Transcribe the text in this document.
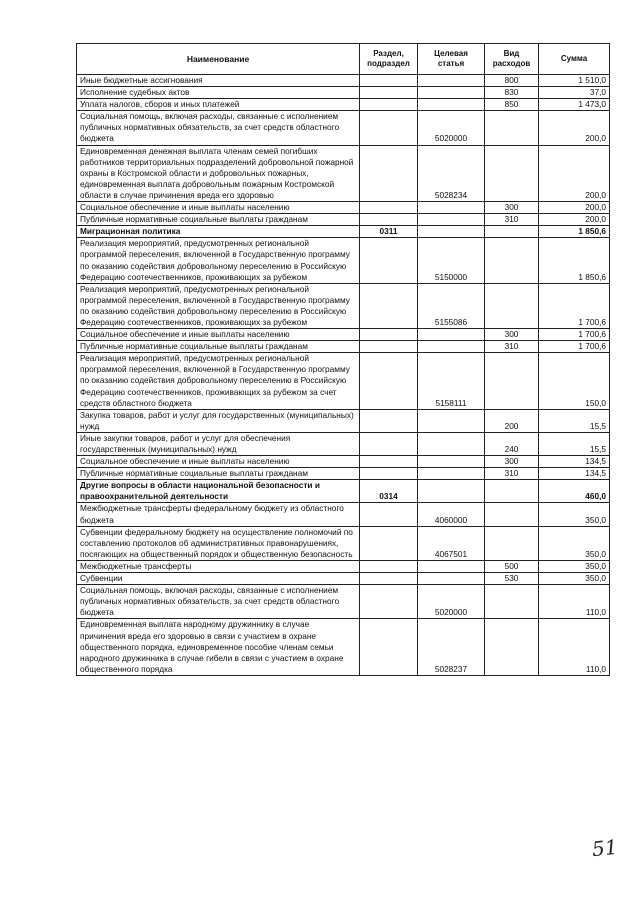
Наименование	Раздел, подраздел	Целевая статья	Вид расходов	Сумма
Иные бюджетные ассигнования			800	1 510,0
Исполнение судебных актов			830	37,0
Уплата налогов, сборов и иных платежей			850	1 473,0
Социальная помощь, включая расходы, связанные с исполнением публичных нормативных обязательств, за счет средств областного бюджета		5020000		200,0
Единовременная денежная выплата членам семей погибших работников территориальных подразделений добровольной пожарной охраны в Костромской области и добровольных пожарных, единовременная выплата добровольным пожарным Костромской области в случае причинения вреда его здоровью		5028234		200,0
Социальное обеспечение и иные выплаты населению			300	200,0
Публичные нормативные социальные выплаты гражданам			310	200,0
Миграционная политика	0311			1 850,6
Реализация мероприятий, предусмотренных региональной программой переселения, включенной в Государственную программу по оказанию содействия добровольному переселению в Российскую Федерацию соотечественников, проживающих за рубежом		5150000		1 850,6
Реализация мероприятий, предусмотренных региональной программой переселения, включенной в Государственную программу по оказанию содействия добровольному переселению в Российскую Федерацию соотечественников, проживающих за рубежом		5155086		1 700,6
Социальное обеспечение и иные выплаты населению			300	1 700,6
Публичные нормативные социальные выплаты гражданам			310	1 700,6
Реализация мероприятий, предусмотренных региональной программой переселения, включенной в Государственную программу по оказанию содействия добровольному переселению в Российскую Федерацию соотечественников, проживающих за рубежом за счет средств областного бюджета		5158111		150,0
Закупка товаров, работ и услуг для государственных (муниципальных) нужд			200	15,5
Иные закупки товаров, работ и услуг для обеспечения государственных (муниципальных) нужд			240	15,5
Социальное обеспечение и иные выплаты населению			300	134,5
Публичные нормативные социальные выплаты гражданам			310	134,5
Другие вопросы в области национальной безопасности и правоохранительной деятельности	0314			460,0
Межбюджетные трансферты федеральному бюджету из областного бюджета		4060000		350,0
Субвенции федеральному бюджету на осуществление полномочий по составлению протоколов об административных правонарушениях, посягающих на общественный порядок и общественную безопасность		4067501		350,0
Межбюджетные трансферты			500	350,0
Субвенции			530	350,0
Социальная помощь, включая расходы, связанные с исполнением публичных нормативных обязательств, за счет средств областного бюджета		5020000		110,0
Единовременная выплата народному дружиннику в случае причинения вреда его здоровью в связи с участием в охране общественного порядка, единовременное пособие членам семьи народного дружинника в случае гибели в связи с участием в охране общественного порядка		5028237		110,0
51
